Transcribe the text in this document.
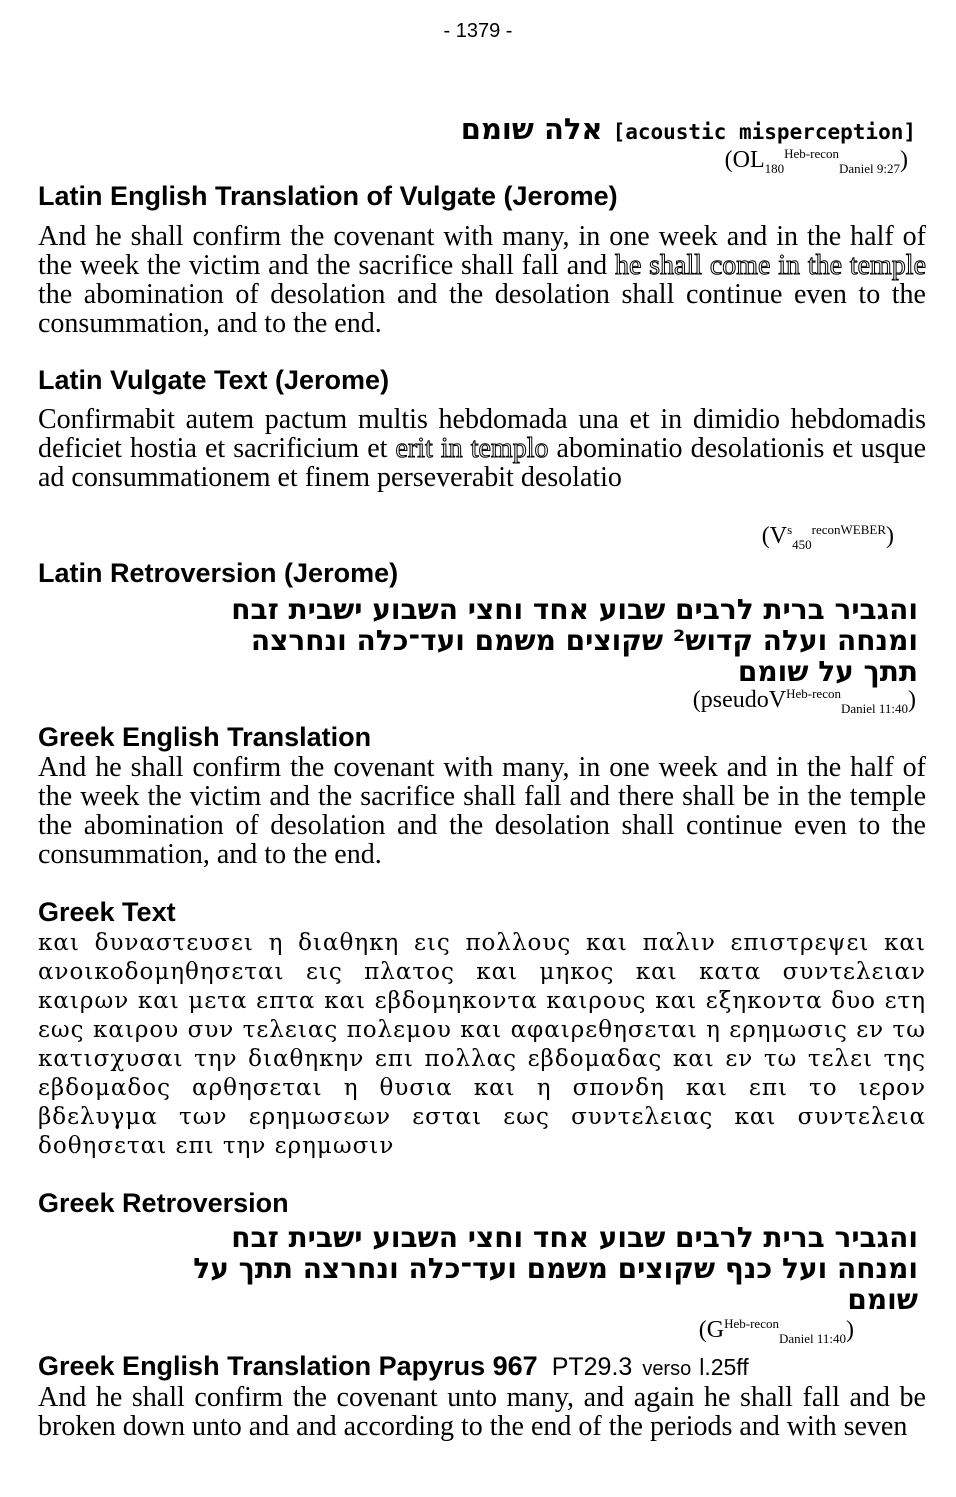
- 1379 -
אלה שומם [acoustic misperception]
$(OL_{180}^{Heb-recon}_{Daniel 9:27})$
Latin English Translation of Vulgate (Jerome)

And he shall confirm the covenant with many, in one week and in the half of the week the victim and the sacrifice shall fall and he shall come in the temple the abomination of desolation and the desolation shall continue even to the consummation, and to the end.

Latin Vulgate Text (Jerome)

Confirmabit autem pactum multis hebdomada una et in dimidio hebdomadis deficiet hostia et sacrificium et erit in templo abominatio desolationis et usque ad consummationem et finem perseverabit desolatio

$(V^s_{450}^{reconWEBER})$
Latin Retroversion (Jerome)
והגביר ברית לרבים שבוע אחד וחצי השבוע ישבית זבח
ומנחה ועלה קדוש² שקוצים משמם ועד־כלה ונחרצה
תתך על שומם
(pseudoV$^{Heb-recon}_{Daniel 11:40}$)
Greek English Translation

And he shall confirm the covenant with many, in one week and in the half of the week the victim and the sacrifice shall fall and there shall be in the temple the abomination of desolation and the desolation shall continue even to the consummation, and to the end.

Greek Text
και δυναστευσει η διαθηκη εις πολλους και παλιν επιστρεψει και ανοικοδομηθησεται εις πλατος και μηκος και κατα συντελειαν καιρων και μετα επτα και εβδομηκοντα καιρους και εξηκοντα δυο ετη εως καιρου συν τελειας πολεμου και αφαιρεθησεται η ερημωσις εν τω κατισχυσαι την διαθηκην επι πολλας εβδομαδας και εν τω τελει της εβδομαδος αρθησεται η θυσια και η σπονδη και επι το ιερον βδελυγμα των ερημωσεων εσται εως συντελειας και συντελεια δοθησεται επι την ερημωσιν
Greek Retroversion
והגביר ברית לרבים שבוע אחד וחצי השבוע ישבית זבח
ומנחה ועל כנף שקוצים משמם ועד־כלה ונחרצה תתך על
שומם
$(G^{Heb-recon}_{Daniel 11:40})$
Greek English Translation Papyrus 967 PT29.3 verso l.25ff

And he shall confirm the covenant unto many, and again he shall fall and be broken down unto and and according to the end of the periods and with seven
